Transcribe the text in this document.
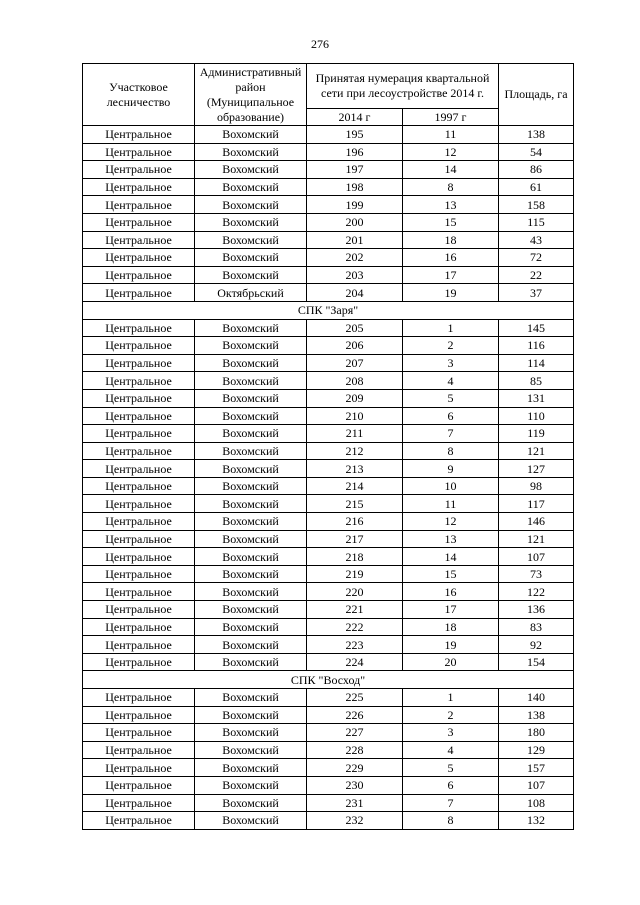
276
Участковое лесничество	Административный район (Муниципальное образование)	Принятая нумерация квартальной сети при лесоустройстве 2014 г.		Площадь, га
		2014 г	1997 г	
Центральное	Вохомский	195	11	138
Центральное	Вохомский	196	12	54
Центральное	Вохомский	197	14	86
Центральное	Вохомский	198	8	61
Центральное	Вохомский	199	13	158
Центральное	Вохомский	200	15	115
Центральное	Вохомский	201	18	43
Центральное	Вохомский	202	16	72
Центральное	Вохомский	203	17	22
Центральное	Октябрьский	204	19	37
СПК "Заря"				
Центральное	Вохомский	205	1	145
Центральное	Вохомский	206	2	116
Центральное	Вохомский	207	3	114
Центральное	Вохомский	208	4	85
Центральное	Вохомский	209	5	131
Центральное	Вохомский	210	6	110
Центральное	Вохомский	211	7	119
Центральное	Вохомский	212	8	121
Центральное	Вохомский	213	9	127
Центральное	Вохомский	214	10	98
Центральное	Вохомский	215	11	117
Центральное	Вохомский	216	12	146
Центральное	Вохомский	217	13	121
Центральное	Вохомский	218	14	107
Центральное	Вохомский	219	15	73
Центральное	Вохомский	220	16	122
Центральное	Вохомский	221	17	136
Центральное	Вохомский	222	18	83
Центральное	Вохомский	223	19	92
Центральное	Вохомский	224	20	154
СПК "Восход"				
Центральное	Вохомский	225	1	140
Центральное	Вохомский	226	2	138
Центральное	Вохомский	227	3	180
Центральное	Вохомский	228	4	129
Центральное	Вохомский	229	5	157
Центральное	Вохомский	230	6	107
Центральное	Вохомский	231	7	108
Центральное	Вохомский	232	8	132
